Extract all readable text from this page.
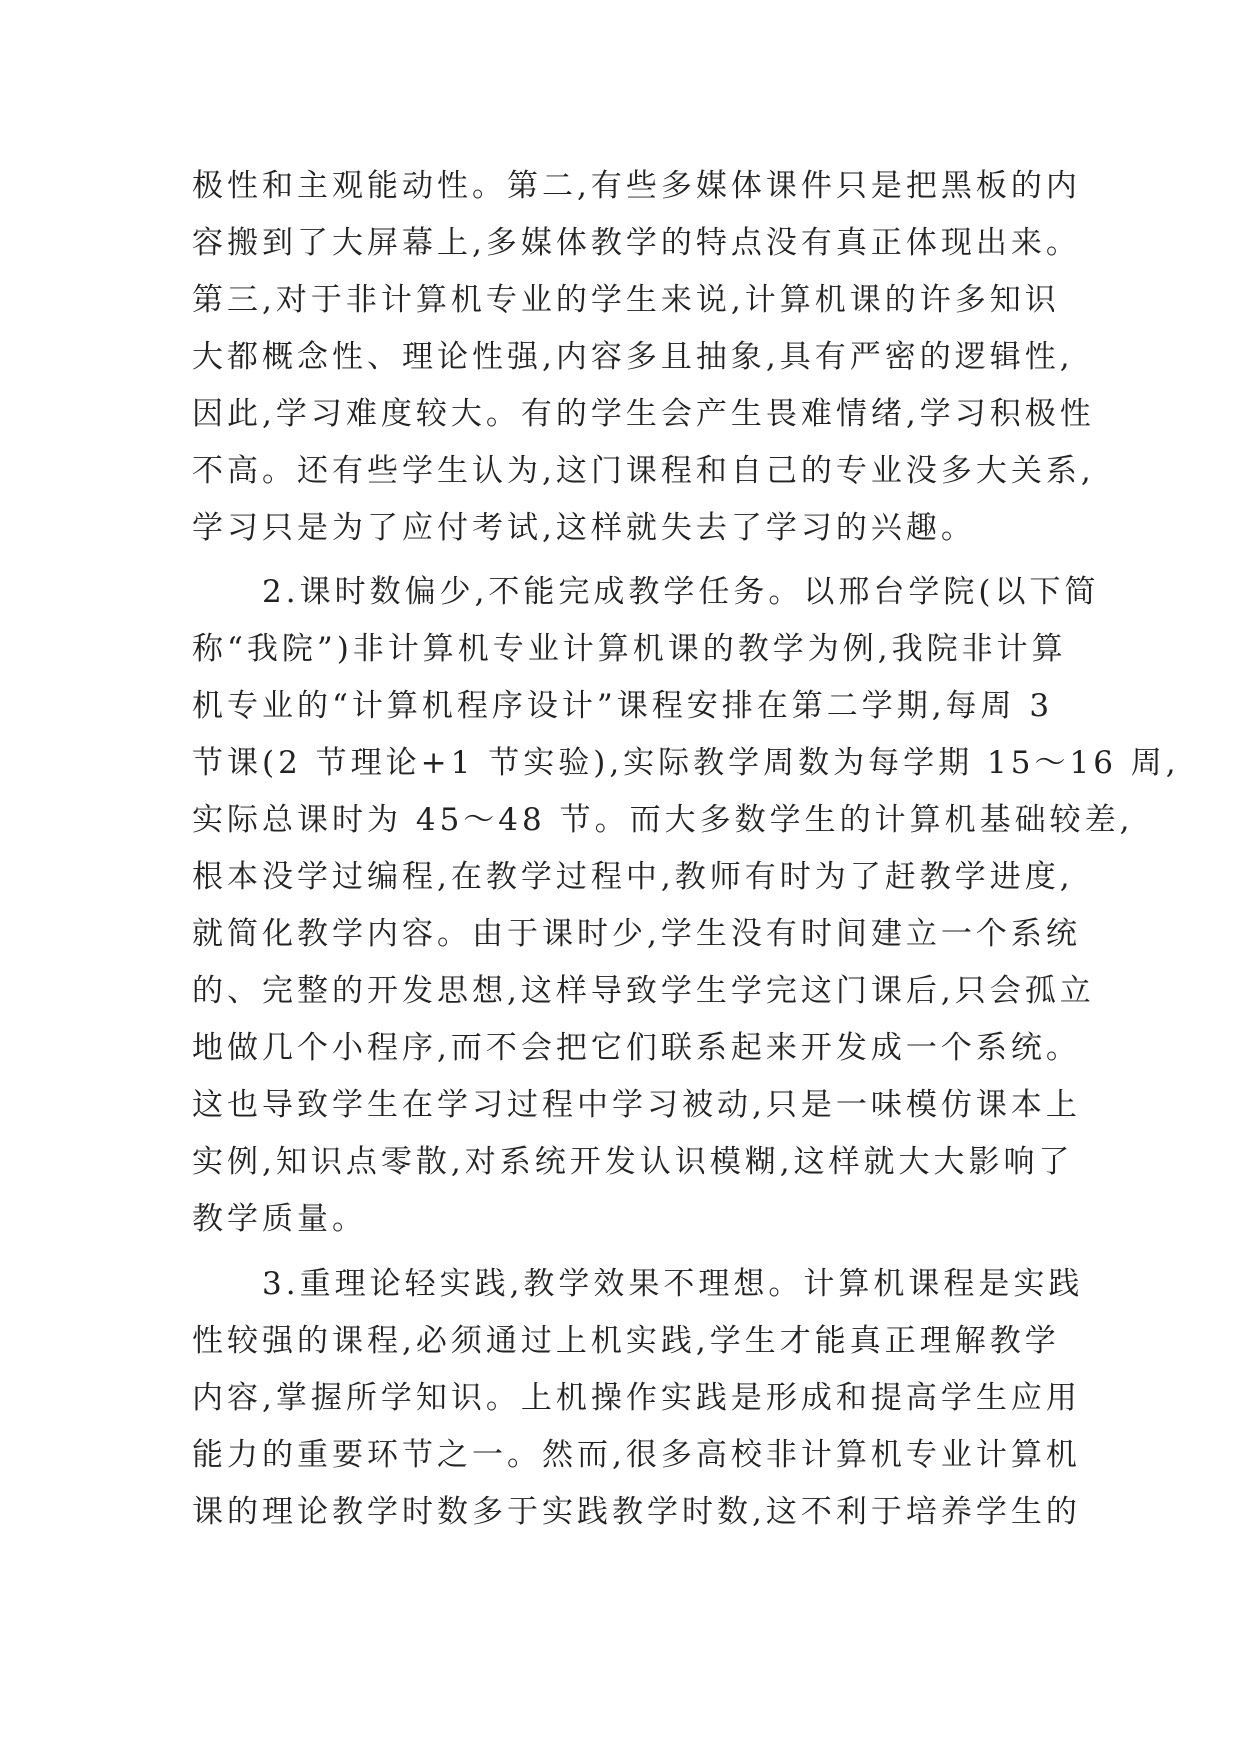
极性和主观能动性。第二,有些多媒体课件只是把黑板的内
容搬到了大屏幕上,多媒体教学的特点没有真正体现出来。
第三,对于非计算机专业的学生来说,计算机课的许多知识
大都概念性、理论性强,内容多且抽象,具有严密的逻辑性,
因此,学习难度较大。有的学生会产生畏难情绪,学习积极性
不高。还有些学生认为,这门课程和自己的专业没多大关系,
学习只是为了应付考试,这样就失去了学习的兴趣。
　　2.课时数偏少,不能完成教学任务。以邢台学院(以下简
称“我院”)非计算机专业计算机课的教学为例,我院非计算
机专业的“计算机程序设计”课程安排在第二学期,每周 3
节课(2 节理论+1 节实验),实际教学周数为每学期 15～16 周,
实际总课时为 45～48 节。而大多数学生的计算机基础较差,
根本没学过编程,在教学过程中,教师有时为了赶教学进度,
就简化教学内容。由于课时少,学生没有时间建立一个系统
的、完整的开发思想,这样导致学生学完这门课后,只会孤立
地做几个小程序,而不会把它们联系起来开发成一个系统。
这也导致学生在学习过程中学习被动,只是一味模仿课本上
实例,知识点零散,对系统开发认识模糊,这样就大大影响了
教学质量。
　　3.重理论轻实践,教学效果不理想。计算机课程是实践
性较强的课程,必须通过上机实践,学生才能真正理解教学
内容,掌握所学知识。上机操作实践是形成和提高学生应用
能力的重要环节之一。然而,很多高校非计算机专业计算机
课的理论教学时数多于实践教学时数,这不利于培养学生的
